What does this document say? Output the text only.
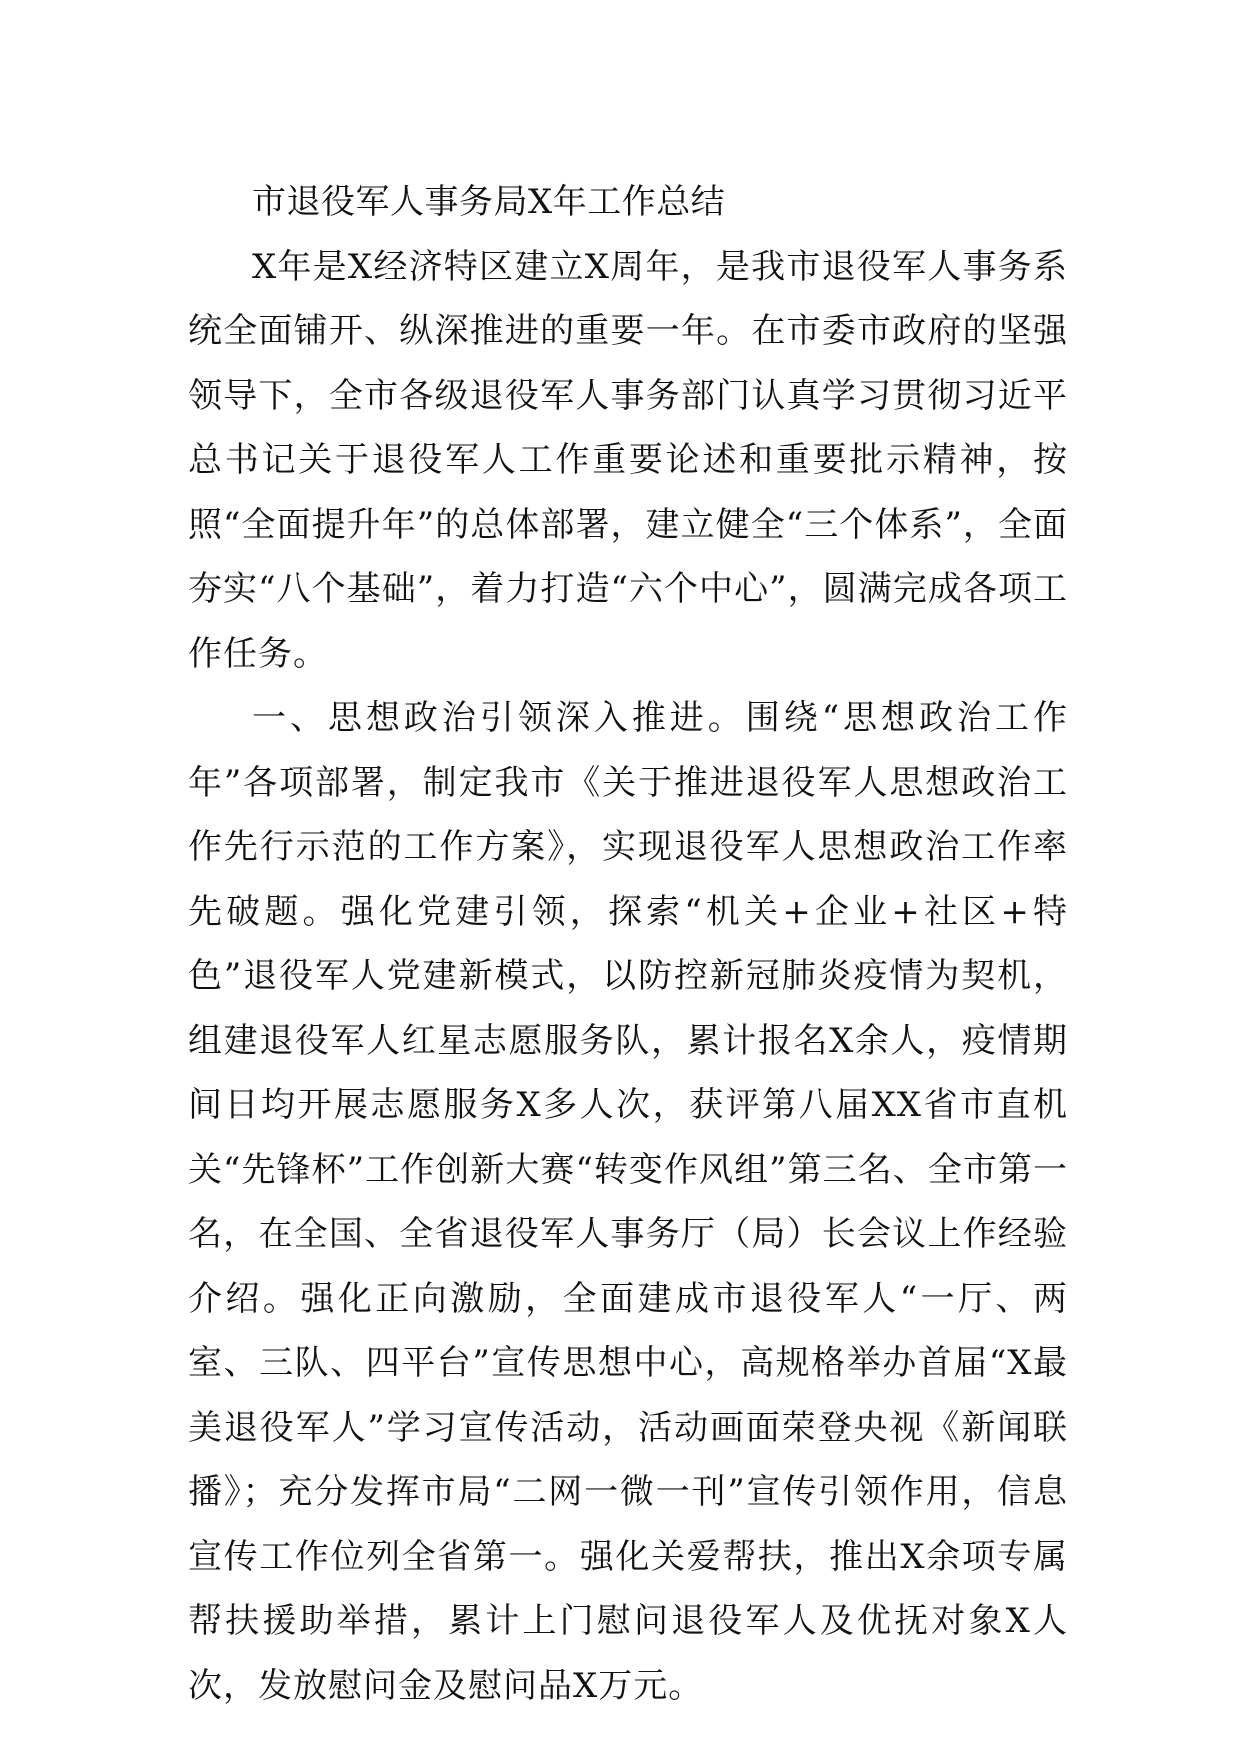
市退役军人事务局X年工作总结

X年是X经济特区建立X周年，是我市退役军人事务系统全面铺开、纵深推进的重要一年。在市委市政府的坚强领导下，全市各级退役军人事务部门认真学习贯彻习近平总书记关于退役军人工作重要论述和重要批示精神，按照“全面提升年”的总体部署，建立健全“三个体系”，全面夯实“八个基础”，着力打造“六个中心”，圆满完成各项工作任务。

一、思想政治引领深入推进。围绕“思想政治工作年”各项部署，制定我市《关于推进退役军人思想政治工作先行示范的工作方案》，实现退役军人思想政治工作率先破题。强化党建引领，探索“机关+企业+社区+特色”退役军人党建新模式，以防控新冠肺炎疫情为契机，组建退役军人红星志愿服务队，累计报名X余人，疫情期间日均开展志愿服务X多人次，获评第八届XX省市直机关“先锋杯”工作创新大赛“转变作风组”第三名、全市第一名，在全国、全省退役军人事务厅（局）长会议上作经验介绍。强化正向激励，全面建成市退役军人“一厅、两室、三队、四平台”宣传思想中心，高规格举办首届“X最美退役军人”学习宣传活动，活动画面荣登央视《新闻联播》；充分发挥市局“二网一微一刊”宣传引领作用，信息宣传工作位列全省第一。强化关爱帮扶，推出X余项专属帮扶援助举措，累计上门慰问退役军人及优抚对象X人次，发放慰问金及慰问品X万元。
